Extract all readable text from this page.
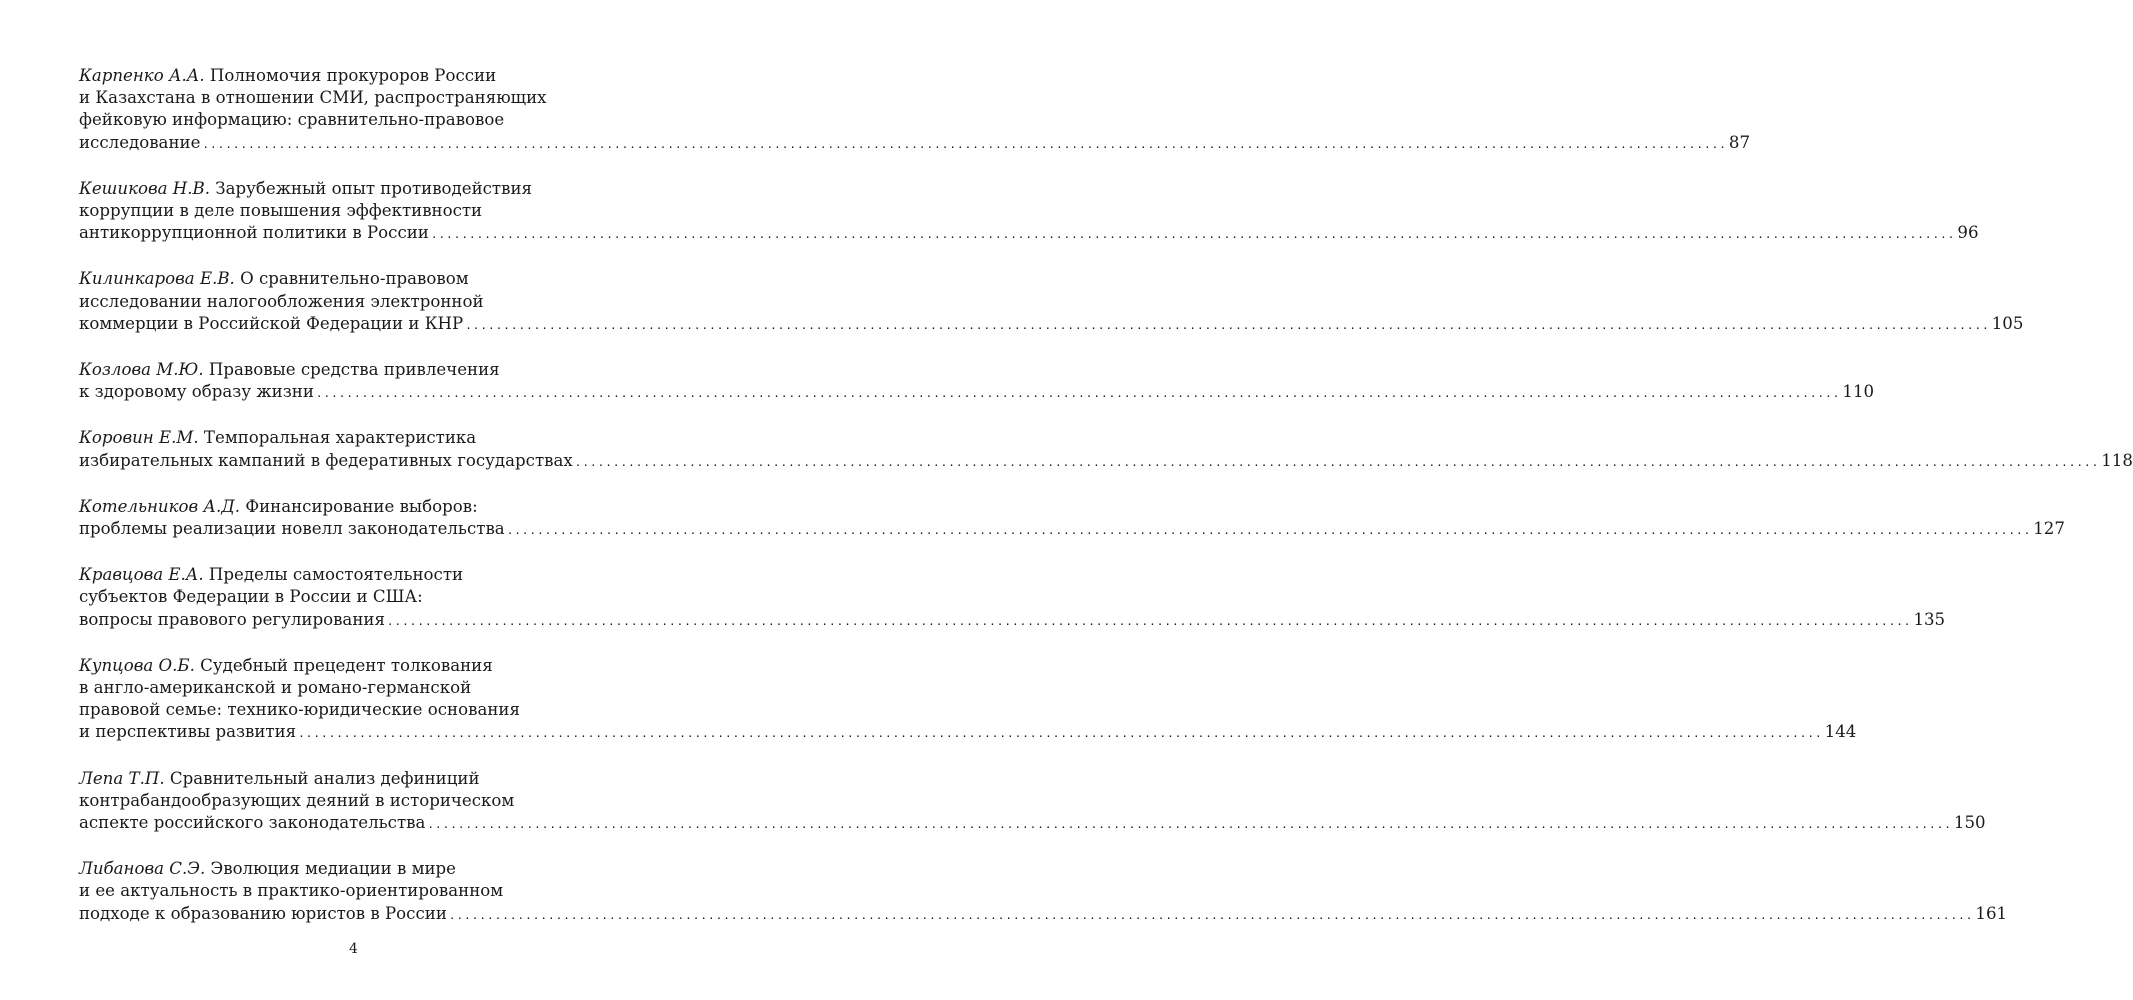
Карпенко А.А. Полномочия прокуроров России
и Казахстана в отношении СМИ, распространяющих
фейковую информацию: сравнительно-правовое
исследование ........................................................................................................................................................................................................ 87
Кешикова Н.В. Зарубежный опыт противодействия
коррупции в деле повышения эффективности
антикоррупционной политики в России ........................................................................................................................................................................................................ 96
Килинкарова Е.В. О сравнительно-правовом
исследовании налогообложения электронной
коммерции в Российской Федерации и КНР ........................................................................................................................................................................................................ 105
Козлова М.Ю. Правовые средства привлечения
к здоровому образу жизни ........................................................................................................................................................................................................ 110
Коровин Е.М. Темпоральная характеристика
избирательных кампаний в федеративных государствах ........................................................................................................................................................................................................ 118
Котельников А.Д. Финансирование выборов:
проблемы реализации новелл законодательства ........................................................................................................................................................................................................ 127
Кравцова Е.А. Пределы самостоятельности
субъектов Федерации в России и США:
вопросы правового регулирования ........................................................................................................................................................................................................ 135
Купцова О.Б. Судебный прецедент толкования
в англо-американской и романо-германской
правовой семье: технико-юридические основания
и перспективы развития ........................................................................................................................................................................................................ 144
Лепа Т.П. Сравнительный анализ дефиниций
контрабандообразующих деяний в историческом
аспекте российского законодательства ........................................................................................................................................................................................................ 150
Либанова С.Э. Эволюция медиации в мире
и ее актуальность в практико-ориентированном
подходе к образованию юристов в России ........................................................................................................................................................................................................ 161
4
